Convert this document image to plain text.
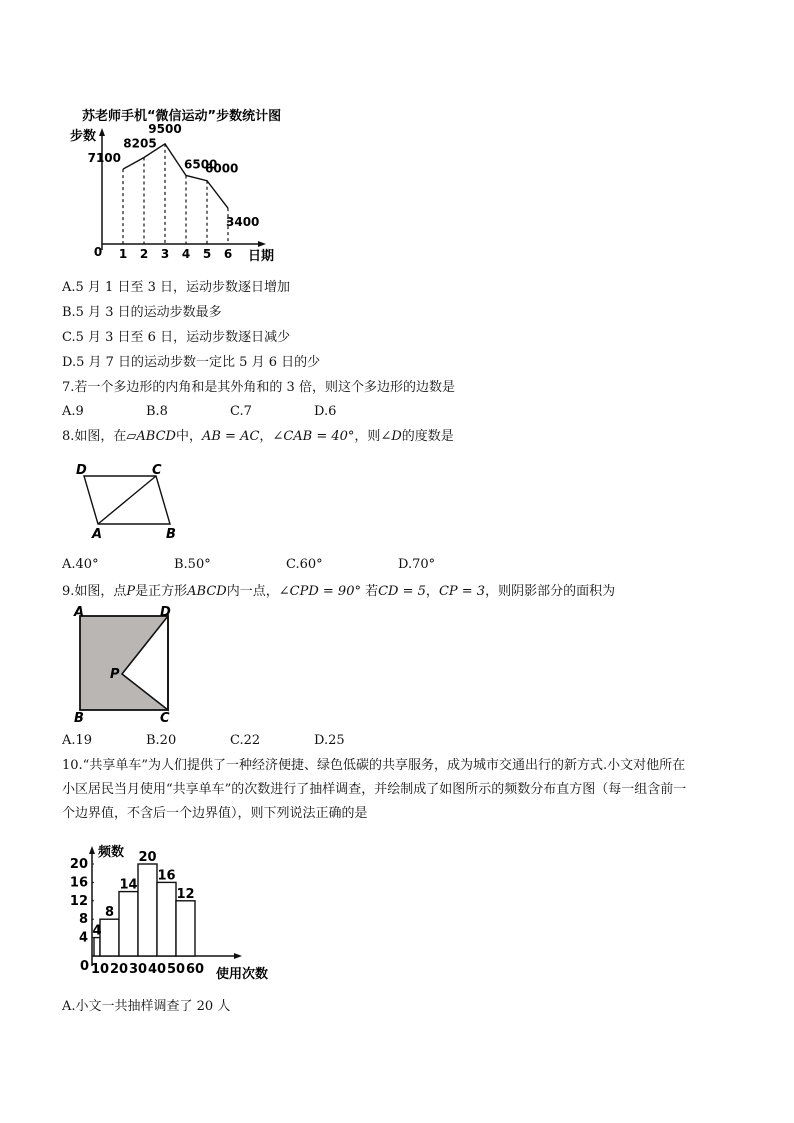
苏老师手机“微信运动”步数统计图
步数
日期
0 1 2 3 4 5 6
7100
8205
9500
6500
6000
3400
A.5 月 1 日至 3 日，运动步数逐日增加
B.5 月 3 日的运动步数最多
C.5 月 3 日至 6 日，运动步数逐日减少
D.5 月 7 日的运动步数一定比 5 月 6 日的少
7.若一个多边形的内角和是其外角和的 3 倍，则这个多边形的边数是
A.9	B.8	C.7	D.6
8.如图，在▱ABCD中，AB = AC，∠CAB = 40°，则∠D的度数是
D	C
A	B
A.40°	B.50°	C.60°	D.70°
9.如图，点P是正方形ABCD内一点，∠CPD = 90° 若CD = 5，CP = 3，则阴影部分的面积为
A	D
P
B	C
A.19	B.20	C.22	D.25
10.“共享单车”为人们提供了一种经济便捷、绿色低碳的共享服务，成为城市交通出行的新方式.小文对他所在
小区居民当月使用“共享单车”的次数进行了抽样调查，并绘制成了如图所示的频数分布直方图（每一组含前一
个边界值，不含后一个边界值），则下列说法正确的是
频数
0
使用次数
4
8
12
16
20
10 20 30 40 50 60
4
8
14
20
16
12
A.小文一共抽样调查了 20 人
